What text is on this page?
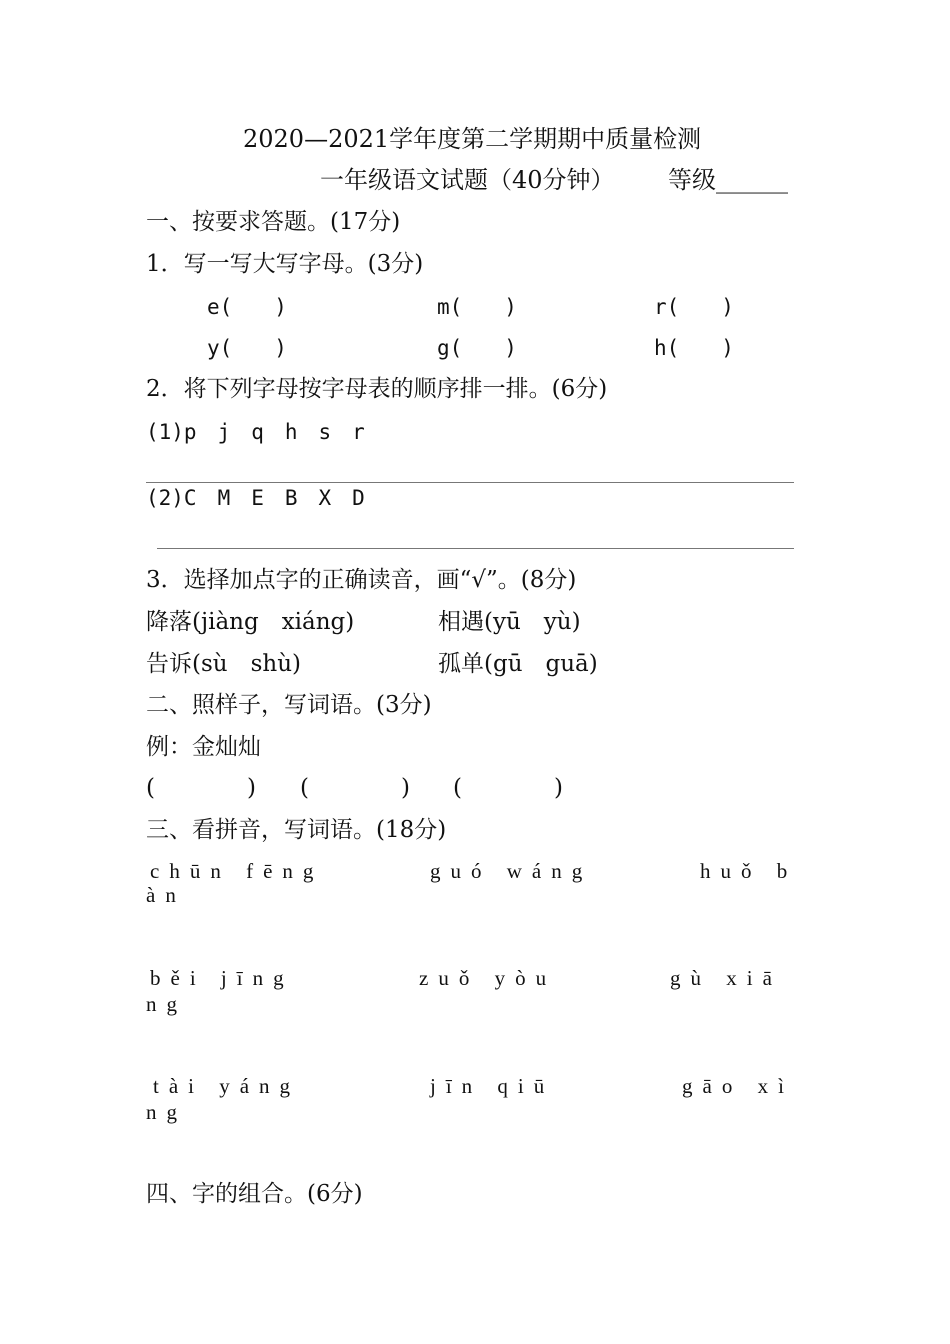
2020—2021学年度第二学期期中质量检测
一年级语文试题（40分钟） 等级______
一、按要求答题。(17分)
1．写一写大写字母。(3分)
e(　　)	m(　　)	r(　　)
y(　　)	g(　　)	h(　　)
2．将下列字母按字母表的顺序排一排。(6分)
(1)p　j　q　h　s　r
(2)C　M　E　B　X　D
3．选择加点字的正确读音，画“√”。(8分)
降落(jiàng　xiáng)	相遇(yū　yù)
告诉(sù　shù)	孤单(gū　guā)
二、照样子，写词语。(3分)
例：金灿灿
(　　　　) (　　　　) (　　　　)
三、看拼音，写词语。(18分)
chūn fēng	guó wáng	huǒ b
àn
běi jīng	zuǒ yòu	gù xiā
ng
tài yáng	jīn qiū	gāo xì
ng
四、字的组合。(6分)
